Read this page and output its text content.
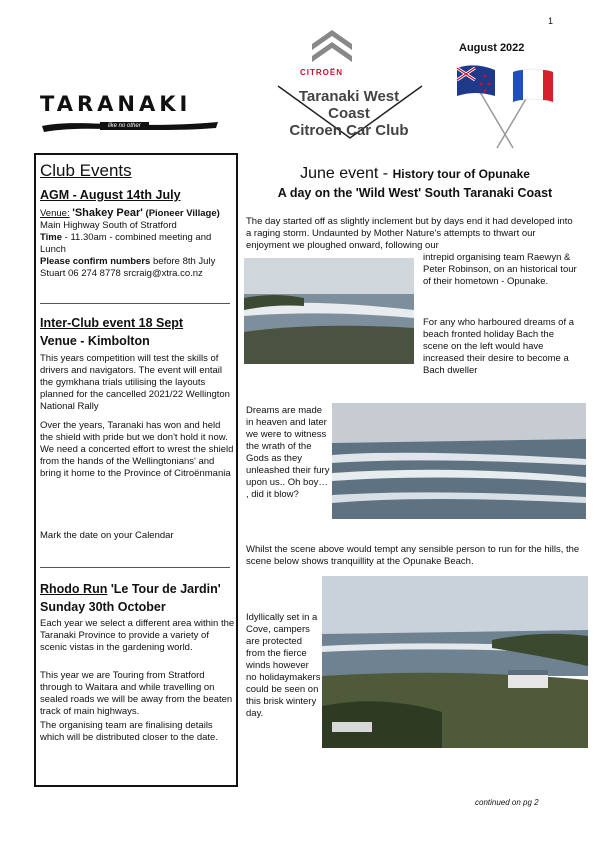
1
August 2022
TARANAKI
like no other
CITROËN
Taranaki West Coast
Citroen Car Club
Club Events
AGM - August 14th July
Venue: 'Shakey Pear' (Pioneer Village) Main Highway South of Stratford
Time - 11.30am - combined meeting and Lunch
Please confirm numbers before 8th July Stuart 06 274 8778 srcraig@xtra.co.nz
Inter-Club event 18 Sept
Venue - Kimbolton
This years competition will test the skills of drivers and navigators. The event will entail the gymkhana trials utilising the layouts planned for the cancelled 2021/22 Wellington National Rally
Over the years, Taranaki has won and held the shield with pride but we don't hold it now. We need a concerted effort to wrest the shield from the hands of the Wellingtonians' and bring it home to the Province of Citroënmania
Mark the date on your Calendar
Rhodo Run 'Le Tour de Jardin'
Sunday 30th October
Each year we select a different area within the Taranaki Province to provide a variety of scenic vistas in the gardening world.
This year we are Touring from Stratford through to Waitara and while travelling on sealed roads we will be away from the beaten track of main highways.
The organising team are finalising details which will be distributed closer to the date.
June event - History tour of Opunake
A day on the 'Wild West' South Taranaki Coast
The day started off as slightly inclement but by days end it had developed into a raging storm. Undaunted by Mother Nature's attempts to thwart our enjoyment we ploughed onward, following our
intrepid organising team Raewyn & Peter Robinson, on an historical tour of their hometown - Opunake.
For any who harboured dreams of a beach fronted holiday Bach the scene on the left would have increased their desire to become a Bach dweller
Dreams are made in heaven and later we were to witness the wrath of the Gods as they unleashed their fury upon us.. Oh boy… , did it blow?
Whilst the scene above would tempt any sensible person to run for the hills, the scene below shows tranquillity at the Opunake Beach.
Idyllically set in a Cove, campers are protected from the fierce winds however no holidaymakers could be seen on this brisk wintery day.
continued on pg 2
